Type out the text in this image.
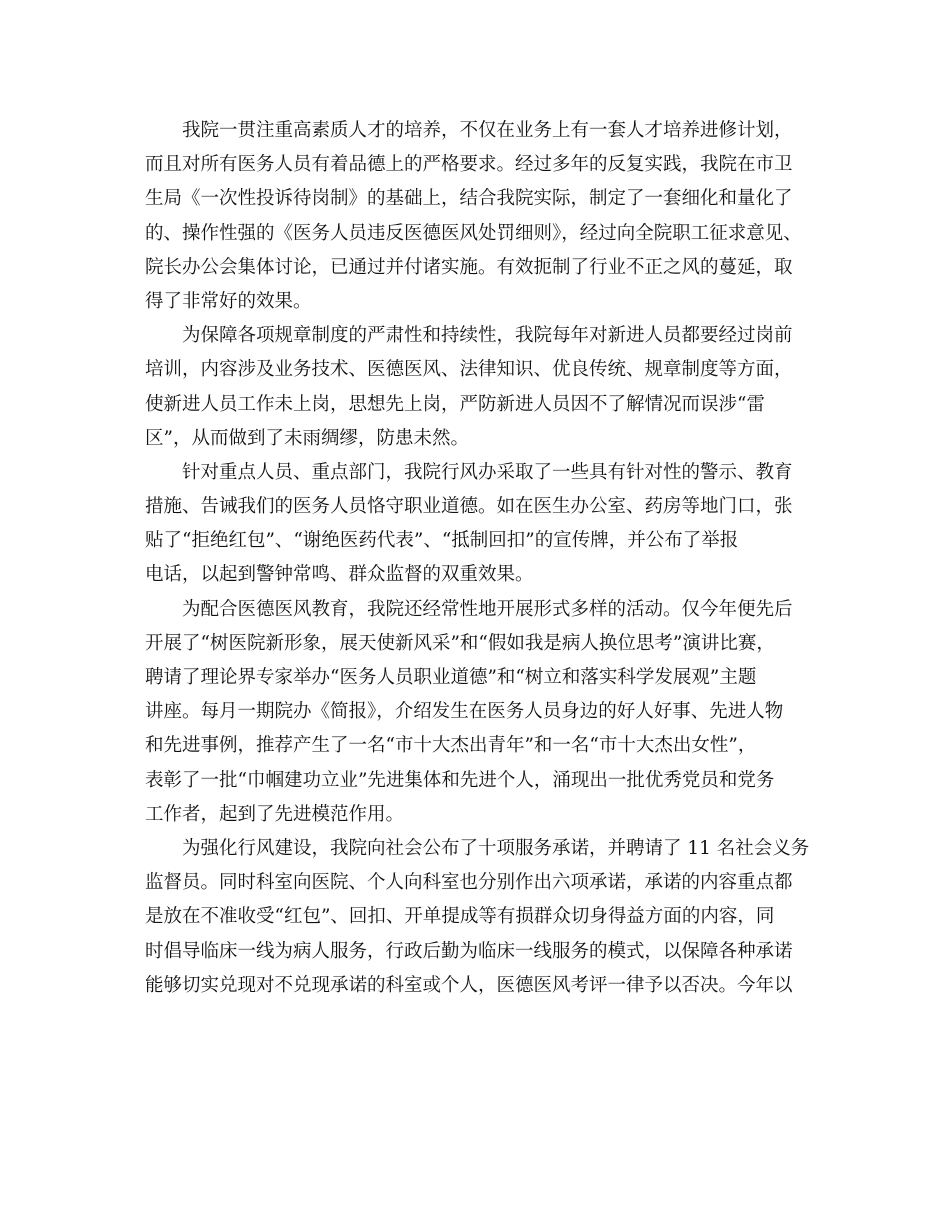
我院一贯注重高素质人才的培养，不仅在业务上有一套人才培养进修计划，
而且对所有医务人员有着品德上的严格要求。经过多年的反复实践，我院在市卫
生局《一次性投诉待岗制》的基础上，结合我院实际，制定了一套细化和量化了
的、操作性强的《医务人员违反医德医风处罚细则》，经过向全院职工征求意见、
院长办公会集体讨论，已通过并付诸实施。有效扼制了行业不正之风的蔓延，取
得了非常好的效果。
为保障各项规章制度的严肃性和持续性，我院每年对新进人员都要经过岗前
培训，内容涉及业务技术、医德医风、法律知识、优良传统、规章制度等方面，
使新进人员工作未上岗，思想先上岗，严防新进人员因不了解情况而误涉“雷
区”，从而做到了未雨绸缪，防患未然。
针对重点人员、重点部门，我院行风办采取了一些具有针对性的警示、教育
措施、告诫我们的医务人员恪守职业道德。如在医生办公室、药房等地门口，张
贴了“拒绝红包”、“谢绝医药代表”、“抵制回扣”的宣传牌，并公布了举报
电话，以起到警钟常鸣、群众监督的双重效果。
为配合医德医风教育，我院还经常性地开展形式多样的活动。仅今年便先后
开展了“树医院新形象，展天使新风采”和“假如我是病人换位思考”演讲比赛，
聘请了理论界专家举办“医务人员职业道德”和“树立和落实科学发展观”主题
讲座。每月一期院办《简报》，介绍发生在医务人员身边的好人好事、先进人物
和先进事例，推荐产生了一名“市十大杰出青年”和一名“市十大杰出女性”，
表彰了一批“巾帼建功立业”先进集体和先进个人，涌现出一批优秀党员和党务
工作者，起到了先进模范作用。
为强化行风建设，我院向社会公布了十项服务承诺，并聘请了 11 名社会义务
监督员。同时科室向医院、个人向科室也分别作出六项承诺，承诺的内容重点都
是放在不准收受“红包”、回扣、开单提成等有损群众切身得益方面的内容，同
时倡导临床一线为病人服务，行政后勤为临床一线服务的模式，以保障各种承诺
能够切实兑现对不兑现承诺的科室或个人，医德医风考评一律予以否决。今年以
